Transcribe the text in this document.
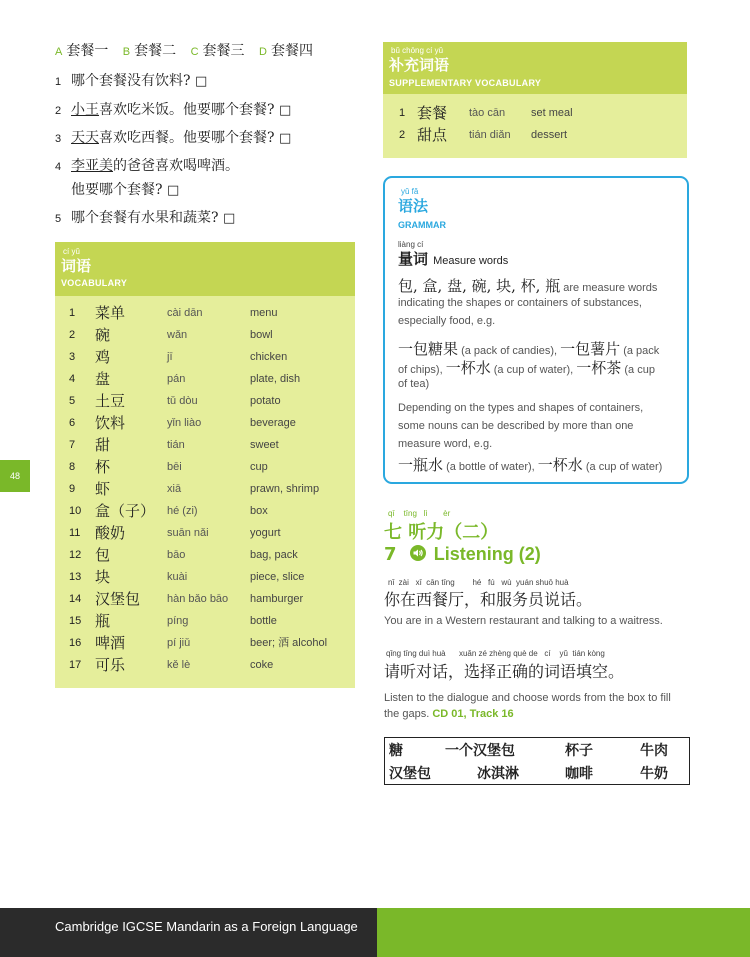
A 套餐一 B 套餐二 C 套餐三 D 套餐四
1 哪个套餐没有饮料? □
2 小王喜欢吃米饭。他要哪个套餐? □
3 天天喜欢吃西餐。他要哪个套餐? □
4 李亚美的爸爸喜欢喝啤酒。
他要哪个套餐? □
5 哪个套餐有水果和蔬菜? □
cí yǔ
词语
VOCABULARY
1	菜单	cài dān	menu
2	碗	wǎn	bowl
3	鸡	jī	chicken
4	盘	pán	plate, dish
5	土豆	tǔ dòu	potato
6	饮料	yǐn liào	beverage
7	甜	tián	sweet
8	杯	bēi	cup
9	虾	xiā	prawn, shrimp
10 盒（子） hé (zi)	box
11 酸奶	suān nǎi	yogurt
12 包	bāo	bag, pack
13 块	kuài	piece, slice
14 汉堡包 hàn bǎo bāo hamburger
15 瓶	píng	bottle
16 啤酒	pí jiǔ	beer; 酒 alcohol
17 可乐	kě lè	coke
bǔ chōng cí yǔ
补充词语
SUPPLEMENTARY VOCABULARY
1 套餐 tào cān set meal
2 甜点 tián diǎn dessert
yǔ fǎ
语法
GRAMMAR
liàng cí
量词 Measure words
包, 盒, 盘, 碗, 块, 杯, 瓶 are measure words
indicating the shapes or containers of substances,
especially food, e.g.
一包糖果 (a pack of candies), 一包薯片 (a pack
of chips), 一杯水 (a cup of water), 一杯茶 (a cup
of tea)
Depending on the types and shapes of containers,
some nouns can be described by more than one
measure word, e.g.
一瓶水 (a bottle of water), 一杯水 (a cup of water)
qī    tīng   lì       èr
七 听力（二）
7 Listening (2)
nǐ  zài   xī  cān tīng        hé   fú   wù  yuán shuō huà
你在西餐厅，和服务员说话。
You are in a Western restaurant and talking to a waitress.
qǐng tīng duì huà      xuǎn zé zhèng què de   cí    yǔ  tián kòng
请听对话，选择正确的词语填空。
Listen to the dialogue and choose words from the box to fill
the gaps. CD 01, Track 16
糖	一个汉堡包	杯子	牛肉
汉堡包	冰淇淋	咖啡	牛奶
48
Cambridge IGCSE Mandarin as a Foreign Language
